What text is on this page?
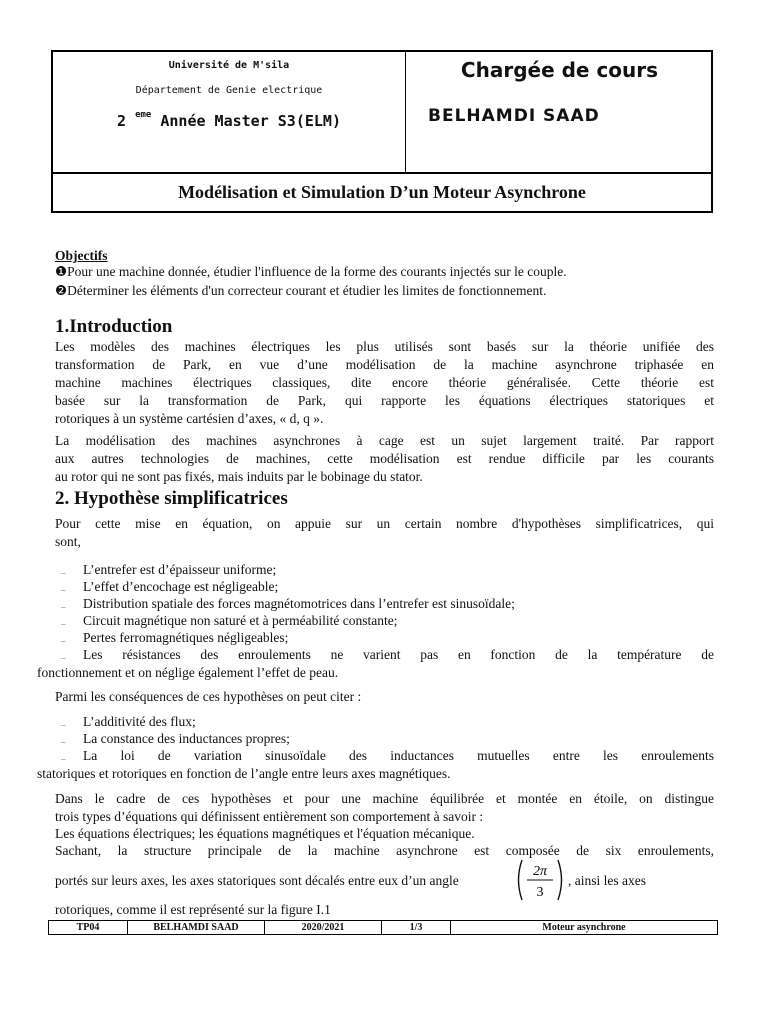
Université de M'sila
Département de Genie electrique
2 $^{eme}$ Année Master S3(ELM)
Chargée de cours
BELHAMDI SAAD
Modélisation et Simulation D’un Moteur Asynchrone
Objectifs
❶Pour une machine donnée, étudier l'influence de la forme des courants injectés sur le couple.
❷Déterminer les éléments d'un correcteur courant et étudier les limites de fonctionnement.
1.Introduction
Les modèles des machines électriques les plus utilisés sont basés sur la théorie unifiée des
transformation de Park, en vue d’une modélisation de la machine asynchrone triphasée en
machine machines électriques classiques, dite encore théorie généralisée. Cette théorie est
basée sur la transformation de Park, qui rapporte les équations électriques statoriques et
rotoriques à un système cartésien d’axes, « d, q ».
La modélisation des machines asynchrones à cage est un sujet largement traité. Par rapport
aux autres technologies de machines, cette modélisation est rendue difficile par les courants
au rotor qui ne sont pas fixés, mais induits par le bobinage du stator.
2. Hypothèse simplificatrices
Pour cette mise en équation, on appuie sur un certain nombre d'hypothèses simplificatrices, qui
sont,
– L’entrefer est d’épaisseur uniforme;
– L’effet d’encochage est négligeable;
– Distribution spatiale des forces magnétomotrices dans l’entrefer est sinusoïdale;
– Circuit magnétique non saturé et à perméabilité constante;
– Pertes ferromagnétiques négligeables;
– Les résistances des enroulements ne varient pas en fonction de la température de
fonctionnement et on néglige également l’effet de peau.
Parmi les conséquences de ces hypothèses on peut citer :
– L’additivité des flux;
– La constance des inductances propres;
– La loi de variation sinusoïdale des inductances mutuelles entre les enroulements
statoriques et rotoriques en fonction de l’angle entre leurs axes magnétiques.
Dans le cadre de ces hypothèses et pour une machine équilibrée et montée en étoile, on distingue
trois types d’équations qui définissent entièrement son comportement à savoir :
Les équations électriques; les équations magnétiques et l'équation mécanique.
Sachant, la structure principale de la machine asynchrone est composée de six enroulements,
portés sur leurs axes, les axes statoriques sont décalés entre eux d’un angle
2π
3
, ainsi les axes
rotoriques, comme il est représenté sur la figure I.1
TP04	BELHAMDI SAAD	2020/2021	1/3	Moteur asynchrone
